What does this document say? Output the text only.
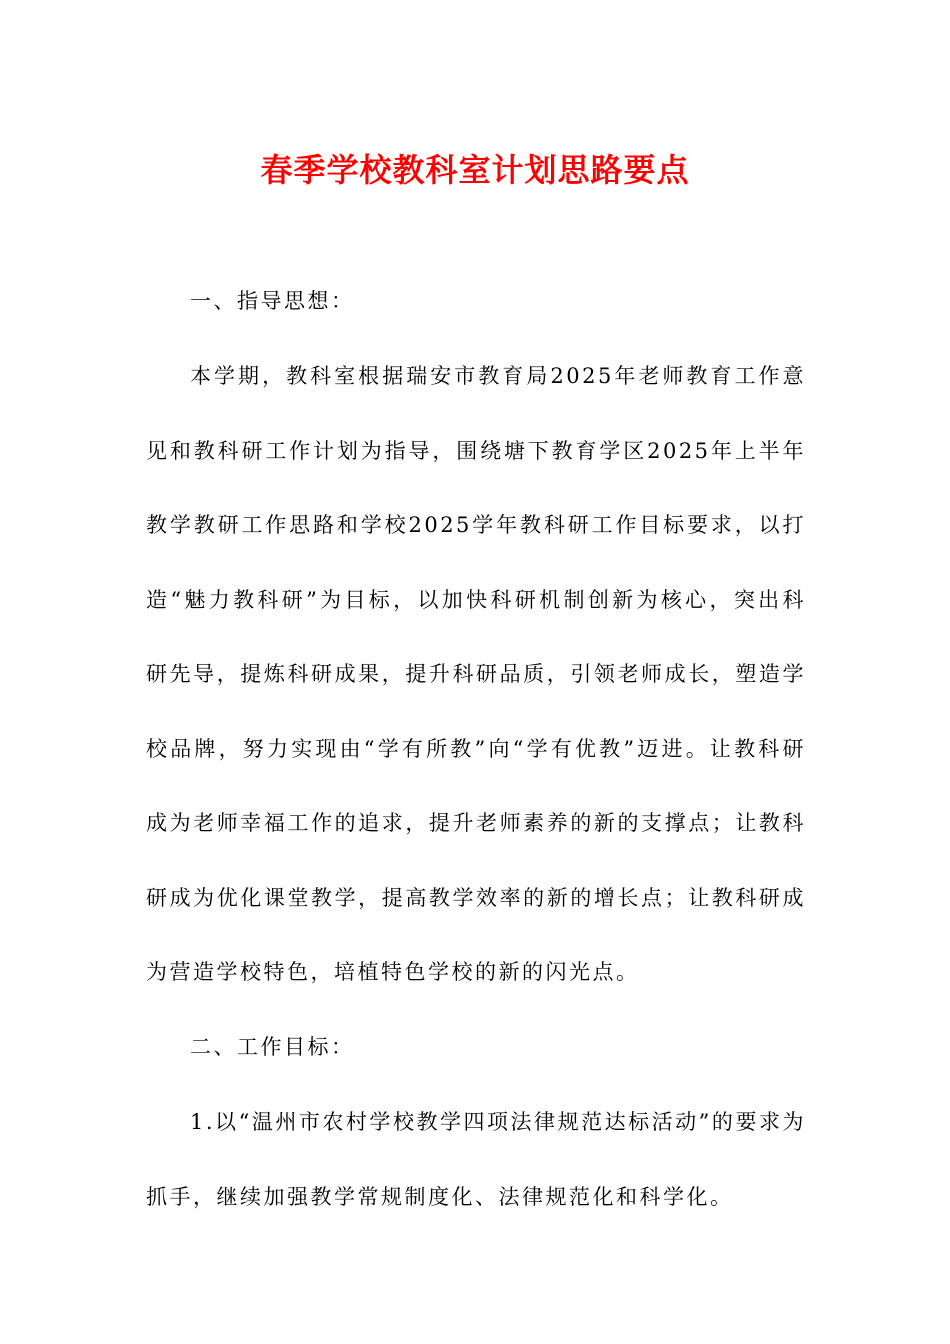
春季学校教科室计划思路要点

一、指导思想：

本学期，教科室根据瑞安市教育局2025年老师教育工作意见和教科研工作计划为指导，围绕塘下教育学区2025年上半年教学教研工作思路和学校2025学年教科研工作目标要求，以打造“魅力教科研”为目标，以加快科研机制创新为核心，突出科研先导，提炼科研成果，提升科研品质，引领老师成长，塑造学校品牌，努力实现由“学有所教”向“学有优教”迈进。让教科研成为老师幸福工作的追求，提升老师素养的新的支撑点；让教科研成为优化课堂教学，提高教学效率的新的增长点；让教科研成为营造学校特色，培植特色学校的新的闪光点。

二、工作目标：

1.以“温州市农村学校教学四项法律规范达标活动”的要求为抓手，继续加强教学常规制度化、法律规范化和科学化。
